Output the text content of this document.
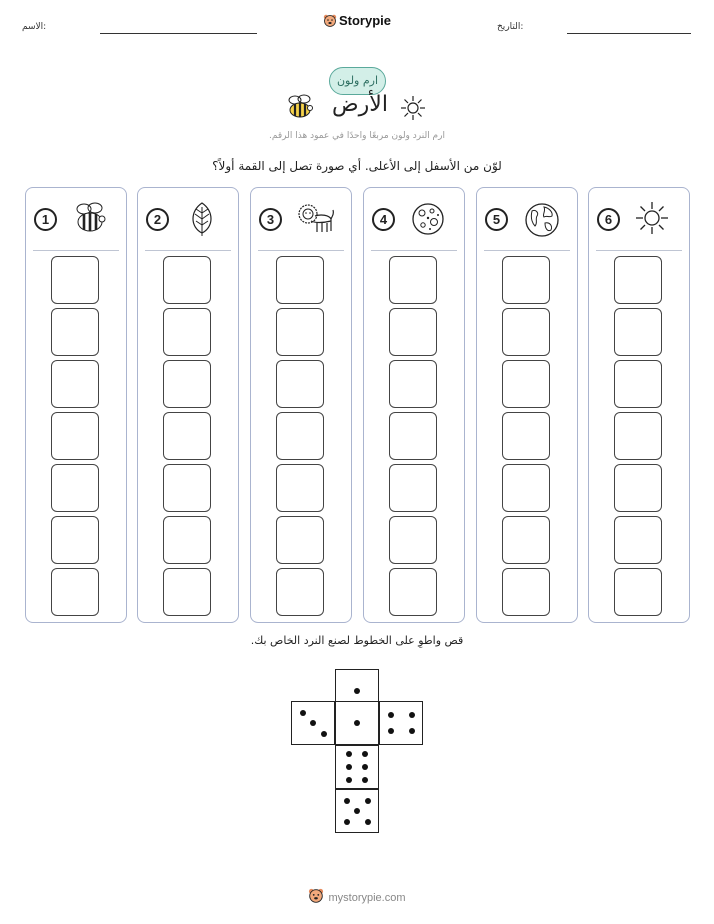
الاسم:	Storypie	التاريخ:
ارم ولون
الأرض
ارم النرد ولون مربعًا واحدًا في عمود هذا الرقم.
لوّن من الأسفل إلى الأعلى. أي صورة تصل إلى القمة أولاً؟
1	2	3	4	5	6
قص واطوِ على الخطوط لصنع النرد الخاص بك.
mystorypie.com
